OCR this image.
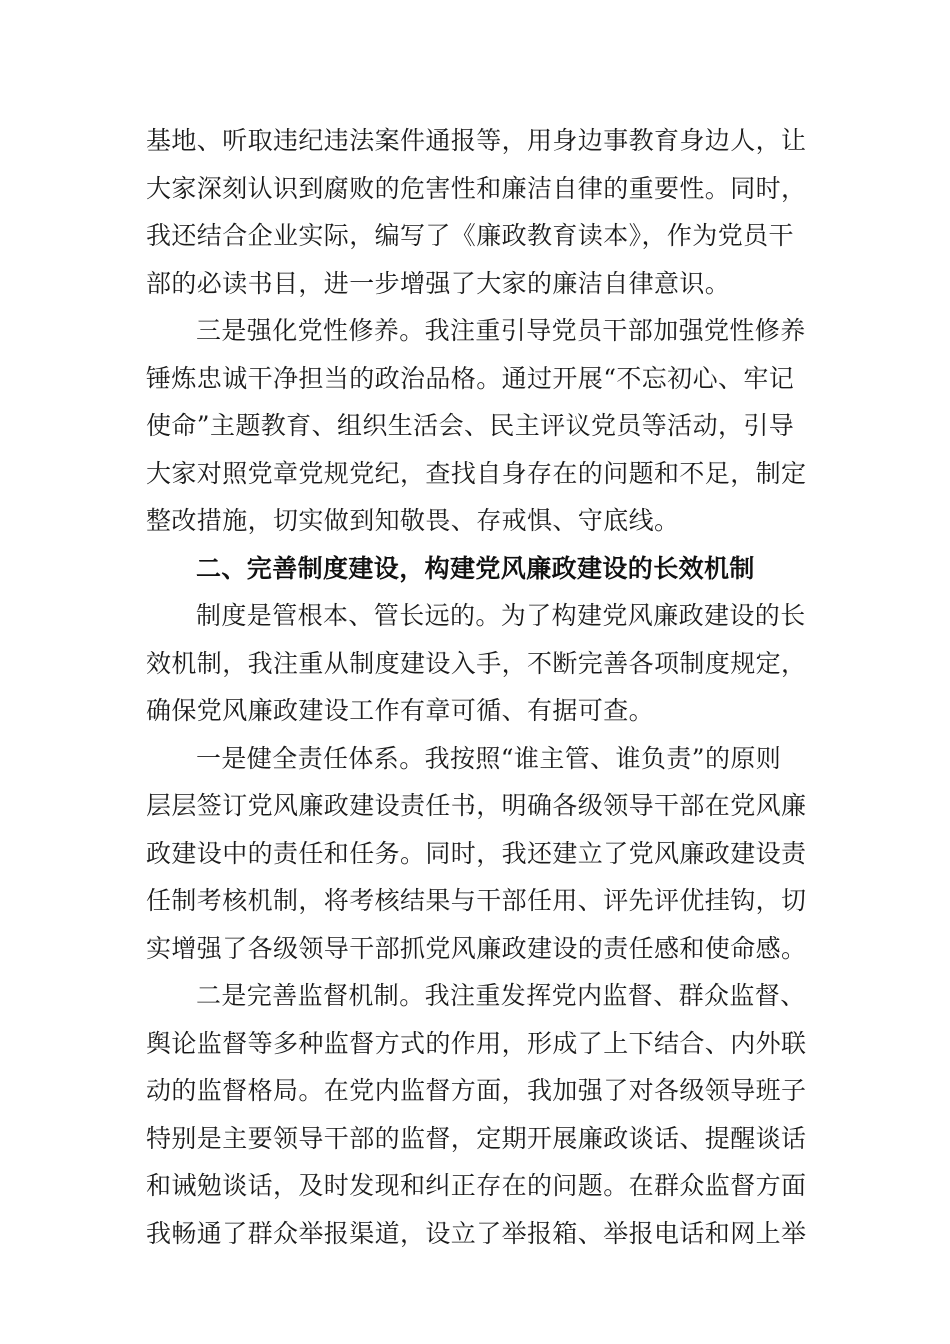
基地、听取违纪违法案件通报等，用身边事教育身边人，让
大家深刻认识到腐败的危害性和廉洁自律的重要性。同时，
我还结合企业实际，编写了《廉政教育读本》，作为党员干
部的必读书目，进一步增强了大家的廉洁自律意识。
三是强化党性修养。我注重引导党员干部加强党性修养
锤炼忠诚干净担当的政治品格。通过开展“不忘初心、牢记
使命”主题教育、组织生活会、民主评议党员等活动，引导
大家对照党章党规党纪，查找自身存在的问题和不足，制定
整改措施，切实做到知敬畏、存戒惧、守底线。
二、完善制度建设，构建党风廉政建设的长效机制
制度是管根本、管长远的。为了构建党风廉政建设的长
效机制，我注重从制度建设入手，不断完善各项制度规定，
确保党风廉政建设工作有章可循、有据可查。
一是健全责任体系。我按照“谁主管、谁负责”的原则
层层签订党风廉政建设责任书，明确各级领导干部在党风廉
政建设中的责任和任务。同时，我还建立了党风廉政建设责
任制考核机制，将考核结果与干部任用、评先评优挂钩，切
实增强了各级领导干部抓党风廉政建设的责任感和使命感。
二是完善监督机制。我注重发挥党内监督、群众监督、
舆论监督等多种监督方式的作用，形成了上下结合、内外联
动的监督格局。在党内监督方面，我加强了对各级领导班子
特别是主要领导干部的监督，定期开展廉政谈话、提醒谈话
和诫勉谈话，及时发现和纠正存在的问题。在群众监督方面
我畅通了群众举报渠道，设立了举报箱、举报电话和网上举
